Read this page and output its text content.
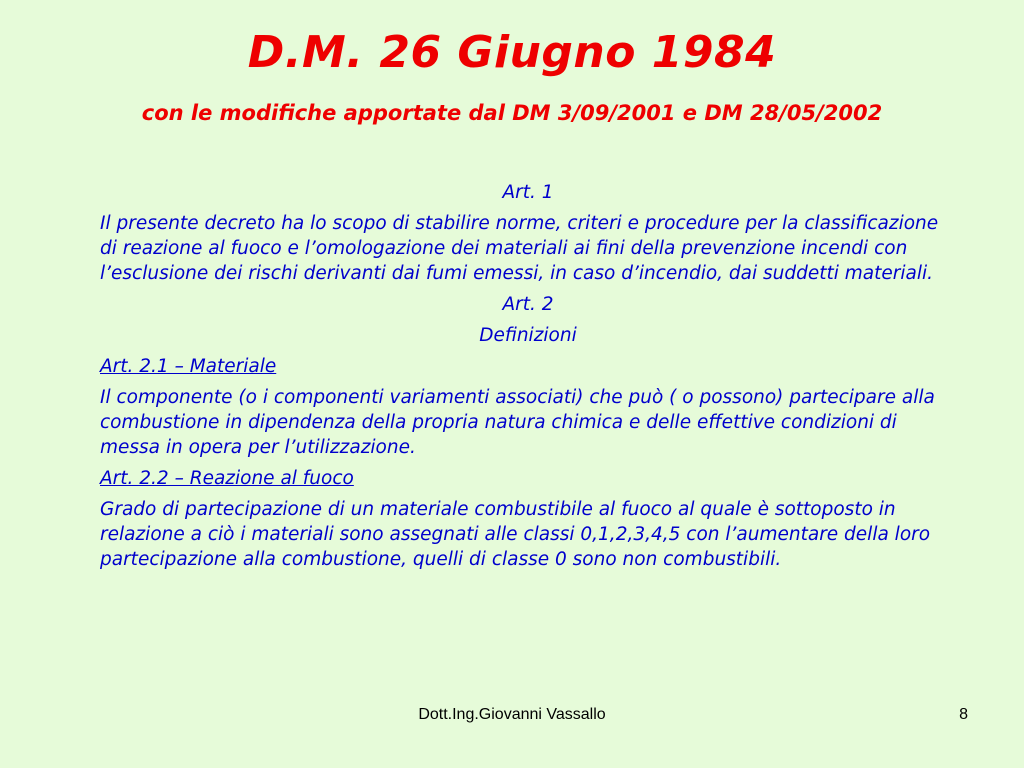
D.M. 26 Giugno 1984
con le modifiche apportate dal DM 3/09/2001 e DM 28/05/2002

Art. 1

Il presente decreto ha lo scopo di stabilire norme, criteri e procedure per la classificazione di reazione al fuoco e l’omologazione dei materiali ai fini della prevenzione incendi con l’esclusione dei rischi derivanti dai fumi emessi, in caso d’incendio, dai suddetti materiali.

Art. 2

Definizioni

Art. 2.1 – Materiale

Il componente (o i componenti variamenti associati) che può ( o possono) partecipare alla combustione in dipendenza della propria natura chimica e delle effettive condizioni di messa in opera per l’utilizzazione.

Art. 2.2 – Reazione al fuoco

Grado di partecipazione di un materiale combustibile al fuoco al quale è sottoposto in relazione a ciò i materiali sono assegnati alle classi 0,1,2,3,4,5 con l’aumentare della loro partecipazione alla combustione, quelli di classe 0 sono non combustibili.

Dott.Ing.Giovanni Vassallo	8
